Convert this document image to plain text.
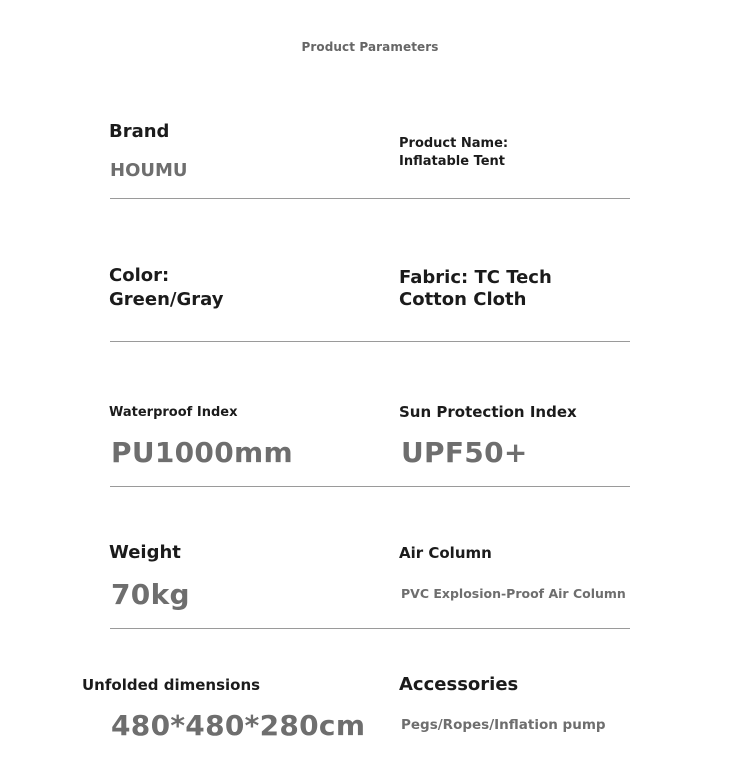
Product Parameters
Brand
HOUMU
Product Name:
Inflatable Tent
Color:
Green/Gray
Fabric: TC Tech
Cotton Cloth
Waterproof Index
PU1000mm
Sun Protection Index
UPF50+
Weight
70kg
Air Column
PVC Explosion-Proof Air Column
Unfolded dimensions
480*480*280cm
Accessories
Pegs/Ropes/Inflation pump
